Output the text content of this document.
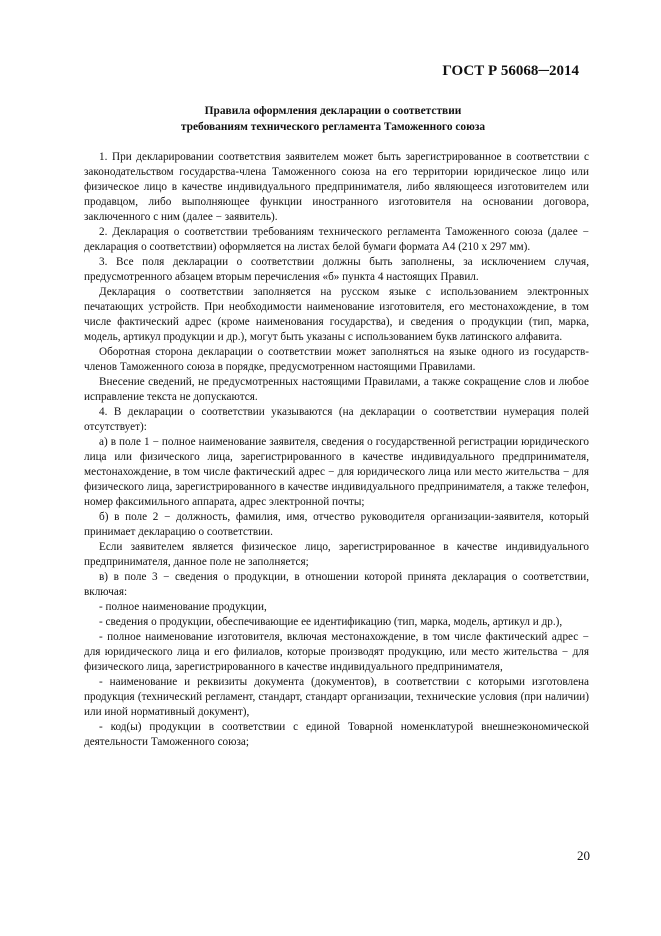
ГОСТ Р 56068─2014
Правила оформления декларации о соответствии
требованиям технического регламента Таможенного союза

1. При декларировании соответствия заявителем может быть зарегистрированное в соответствии с законодательством государства-члена Таможенного союза на его территории юридическое лицо или физическое лицо в качестве индивидуального предпринимателя, либо являющееся изготовителем или продавцом, либо выполняющее функции иностранного изготовителя на основании договора, заключенного с ним (далее − заявитель).

2. Декларация о соответствии требованиям технического регламента Таможенного союза (далее − декларация о соответствии) оформляется на листах белой бумаги формата А4 (210 х 297 мм).

3. Все поля декларации о соответствии должны быть заполнены, за исключением случая, предусмотренного абзацем вторым перечисления «б» пункта 4 настоящих Правил.

Декларация о соответствии заполняется на русском языке с использованием электронных печатающих устройств. При необходимости наименование изготовителя, его местонахождение, в том числе фактический адрес (кроме наименования государства), и сведения о продукции (тип, марка, модель, артикул продукции и др.), могут быть указаны с использованием букв латинского алфавита.

Оборотная сторона декларации о соответствии может заполняться на языке одного из государств-членов Таможенного союза в порядке, предусмотренном настоящими Правилами.

Внесение сведений, не предусмотренных настоящими Правилами, а также сокращение слов и любое исправление текста не допускаются.

4. В декларации о соответствии указываются (на декларации о соответствии нумерация полей отсутствует):

а) в поле 1 − полное наименование заявителя, сведения о государственной регистрации юридического лица или физического лица, зарегистрированного в качестве индивидуального предпринимателя, местонахождение, в том числе фактический адрес − для юридического лица или место жительства − для физического лица, зарегистрированного в качестве индивидуального предпринимателя, а также телефон, номер факсимильного аппарата, адрес электронной почты;

б) в поле 2 − должность, фамилия, имя, отчество руководителя организации-заявителя, который принимает декларацию о соответствии.

Если заявителем является физическое лицо, зарегистрированное в качестве индивидуального предпринимателя, данное поле не заполняется;

в) в поле 3 − сведения о продукции, в отношении которой принята декларация о соответствии, включая:

- полное наименование продукции,

- сведения о продукции, обеспечивающие ее идентификацию (тип, марка, модель, артикул и др.),

- полное наименование изготовителя, включая местонахождение, в том числе фактический адрес − для юридического лица и его филиалов, которые производят продукцию, или место жительства − для физического лица, зарегистрированного в качестве индивидуального предпринимателя,

- наименование и реквизиты документа (документов), в соответствии с которыми изготовлена продукция (технический регламент, стандарт, стандарт организации, технические условия (при наличии) или иной нормативный документ),

- код(ы) продукции в соответствии с единой Товарной номенклатурой внешнеэкономической деятельности Таможенного союза;

20
